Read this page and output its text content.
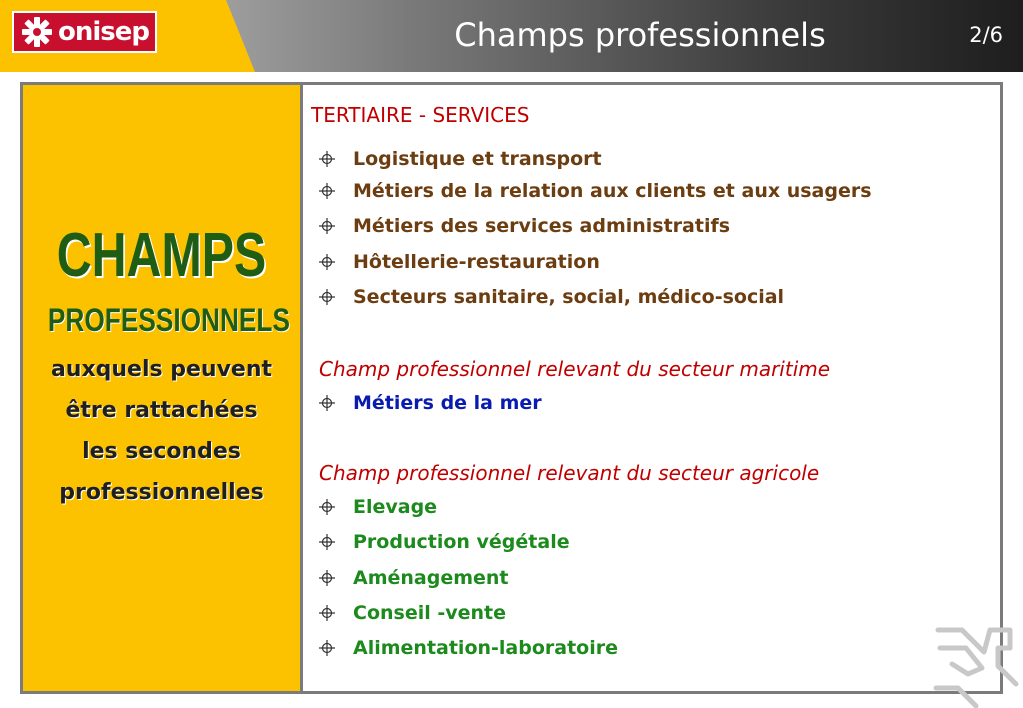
onisep	Champs professionnels	2/6
CHAMPS
PROFESSIONNELS
auxquels peuvent
être rattachées
les secondes
professionnelles
TERTIAIRE - SERVICES
Logistique et transport
Métiers de la relation aux clients et aux usagers
Métiers des services administratifs
Hôtellerie-restauration
Secteurs sanitaire, social, médico-social
Champ professionnel relevant du secteur maritime
Métiers de la mer
Champ professionnel relevant du secteur agricole
Elevage
Production végétale
Aménagement
Conseil -vente
Alimentation-laboratoire
